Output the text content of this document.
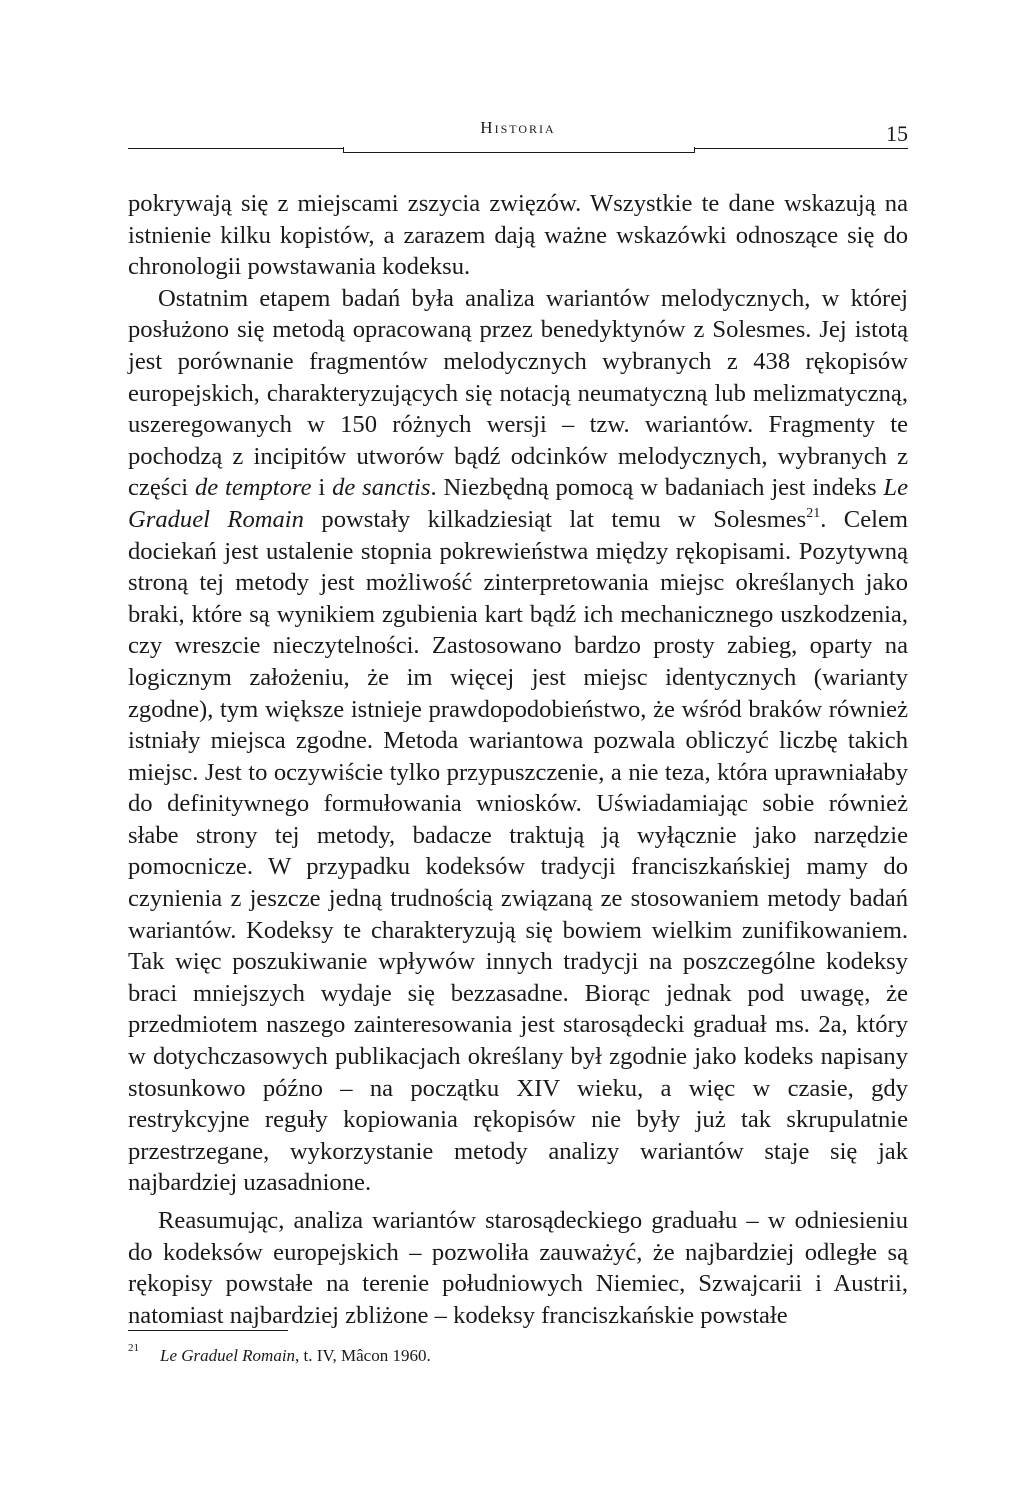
Historia	15

pokrywają się z miejscami zszycia zwięzów. Wszystkie te dane wskazują na istnienie kilku kopistów, a zarazem dają ważne wskazówki odnoszące się do chronologii powstawania kodeksu.

Ostatnim etapem badań była analiza wariantów melodycznych, w której posłużono się metodą opracowaną przez benedyktynów z Solesmes. Jej istotą jest porównanie fragmentów melodycznych wybranych z 438 rękopisów europejskich, charakteryzujących się notacją neumatyczną lub melizmatyczną, uszeregowanych w 150 różnych wersji – tzw. wariantów. Fragmenty te pochodzą z incipitów utworów bądź odcinków melodycznych, wybranych z części de temptore i de sanctis. Niezbędną pomocą w badaniach jest indeks Le Graduel Romain powstały kilkadziesiąt lat temu w Solesmes$^{21}$. Celem dociekań jest ustalenie stopnia pokrewieństwa między rękopisami. Pozytywną stroną tej metody jest możliwość zinterpretowania miejsc określanych jako braki, które są wynikiem zgubienia kart bądź ich mechanicznego uszkodzenia, czy wreszcie nieczytelności. Zastosowano bardzo prosty zabieg, oparty na logicznym założeniu, że im więcej jest miejsc identycznych (warianty zgodne), tym większe istnieje prawdopodobieństwo, że wśród braków również istniały miejsca zgodne. Metoda wariantowa pozwala obliczyć liczbę takich miejsc. Jest to oczywiście tylko przypuszczenie, a nie teza, która uprawniałaby do definitywnego formułowania wniosków. Uświadamiając sobie również słabe strony tej metody, badacze traktują ją wyłącznie jako narzędzie pomocnicze. W przypadku kodeksów tradycji franciszkańskiej mamy do czynienia z jeszcze jedną trudnością związaną ze stosowaniem metody badań wariantów. Kodeksy te charakteryzują się bowiem wielkim zunifikowaniem. Tak więc poszukiwanie wpływów innych tradycji na poszczególne kodeksy braci mniejszych wydaje się bezzasadne. Biorąc jednak pod uwagę, że przedmiotem naszego zainteresowania jest starosądecki graduał ms. 2a, który w dotychczasowych publikacjach określany był zgodnie jako kodeks napisany stosunkowo późno – na początku XIV wieku, a więc w czasie, gdy restrykcyjne reguły kopiowania rękopisów nie były już tak skrupulatnie przestrzegane, wykorzystanie metody analizy wariantów staje się jak najbardziej uzasadnione.

Reasumując, analiza wariantów starosądeckiego graduału – w odniesieniu do kodeksów europejskich – pozwoliła zauważyć, że najbardziej odległe są rękopisy powstałe na terenie południowych Niemiec, Szwajcarii i Austrii, natomiast najbardziej zbliżone – kodeksy franciszkańskie powstałe

21 Le Graduel Romain, t. IV, Mâcon 1960.
